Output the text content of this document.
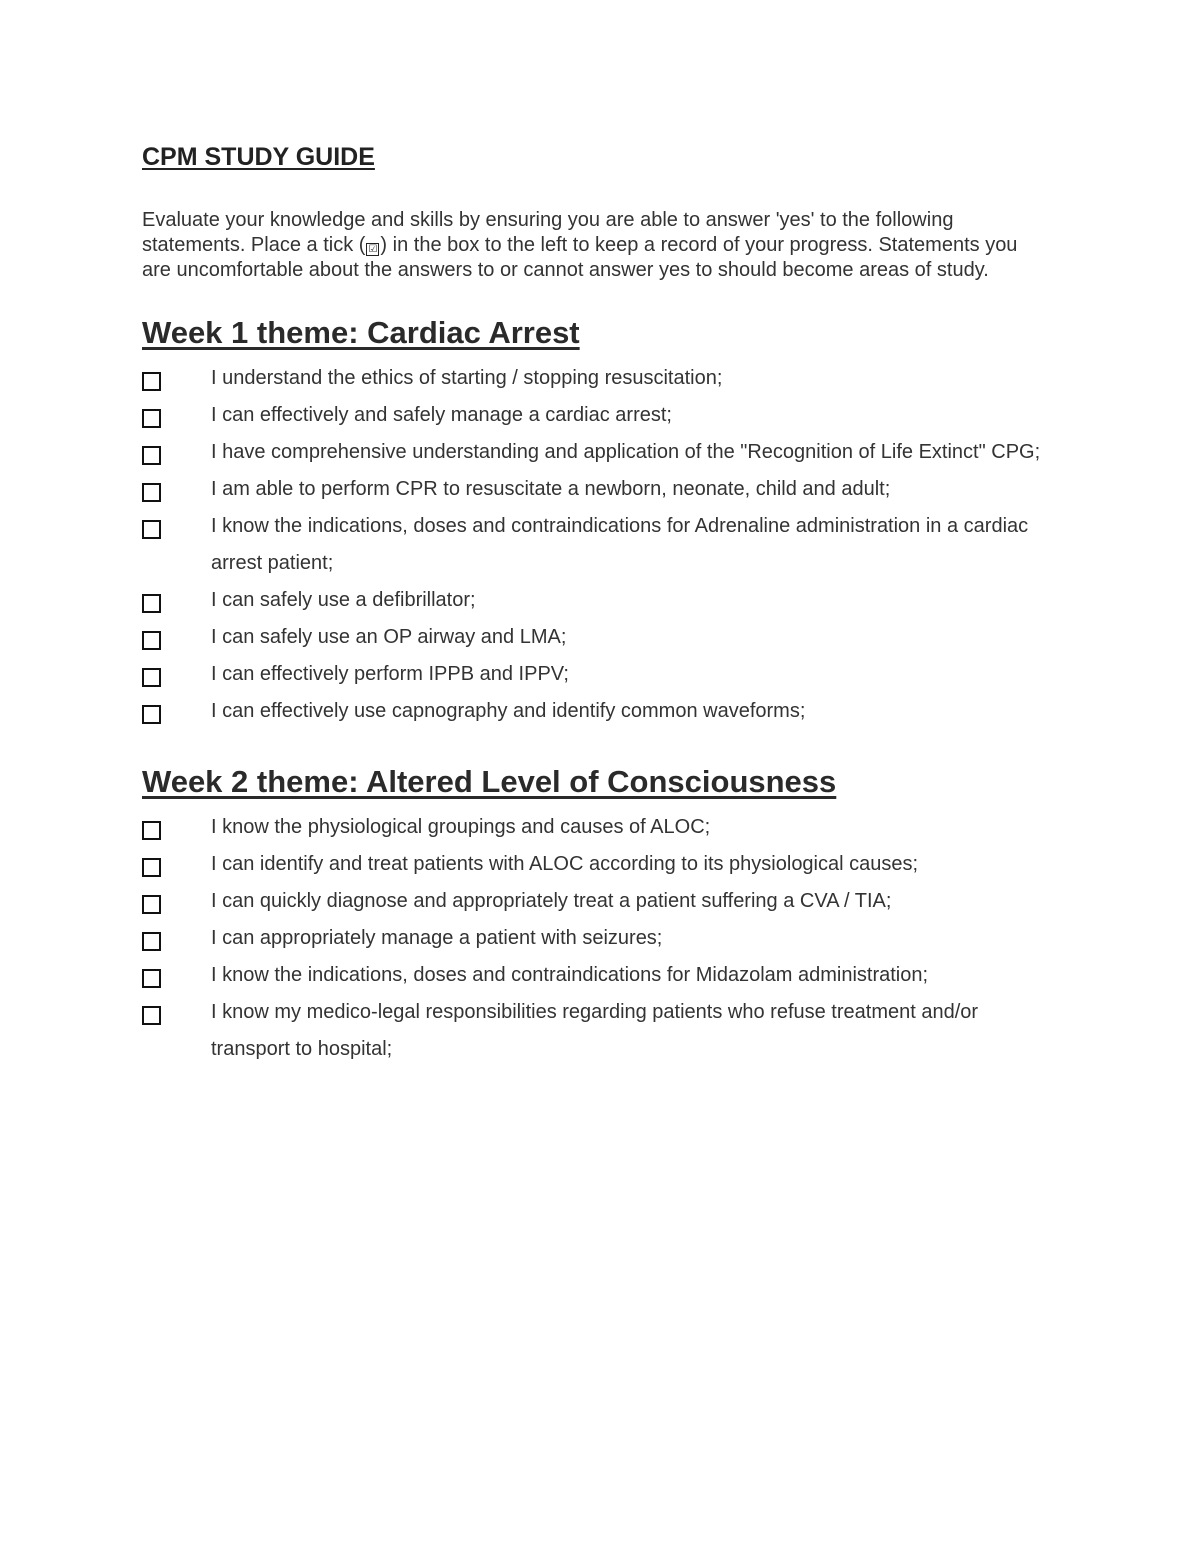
CPM STUDY GUIDE

Evaluate your knowledge and skills by ensuring you are able to answer 'yes' to the following statements. Place a tick ( ☑ ) in the box to the left to keep a record of your progress. Statements you are uncomfortable about the answers to or cannot answer yes to should become areas of study.

Week 1 theme: Cardiac Arrest
I understand the ethics of starting / stopping resuscitation;
I can effectively and safely manage a cardiac arrest;
I have comprehensive understanding and application of the "Recognition of Life Extinct" CPG;
I am able to perform CPR to resuscitate a newborn, neonate, child and adult;
I know the indications, doses and contraindications for Adrenaline administration in a cardiac arrest patient;
I can safely use a defibrillator;
I can safely use an OP airway and LMA;
I can effectively perform IPPB and IPPV;
I can effectively use capnography and identify common waveforms;
Week 2 theme: Altered Level of Consciousness
I know the physiological groupings and causes of ALOC;
I can identify and treat patients with ALOC according to its physiological causes;
I can quickly diagnose and appropriately treat a patient suffering a CVA / TIA;
I can appropriately manage a patient with seizures;
I know the indications, doses and contraindications for Midazolam administration;
I know my medico-legal responsibilities regarding patients who refuse treatment and/or transport to hospital;
